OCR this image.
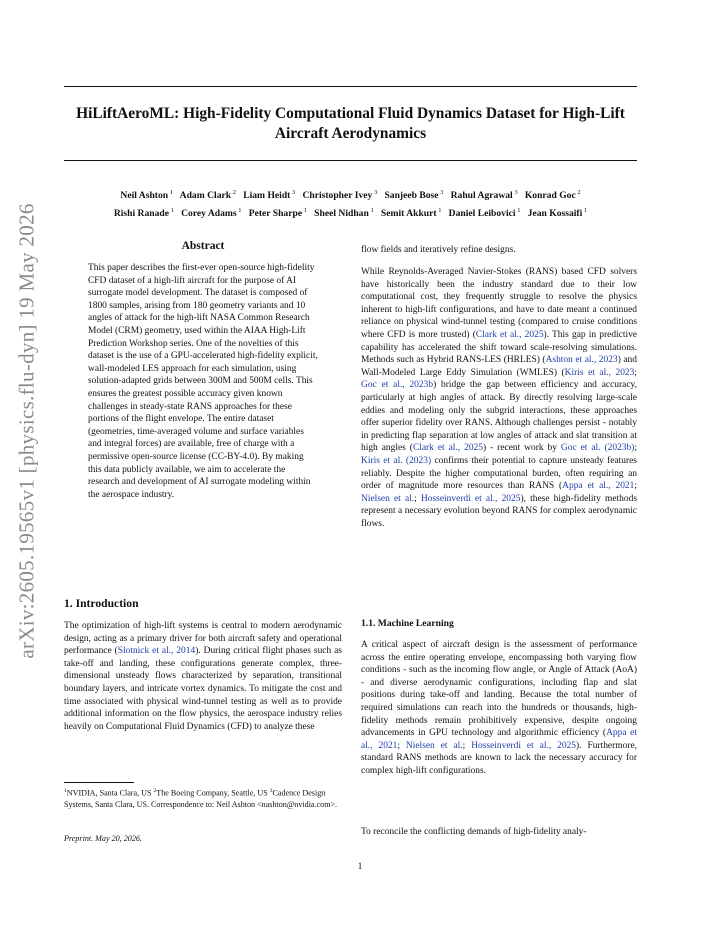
arXiv:2605.19565v1 [physics.flu-dyn] 19 May 2026
HiLiftAeroML: High-Fidelity Computational Fluid Dynamics Dataset for High-Lift Aircraft Aerodynamics
Neil Ashton $^1$  Adam Clark $^2$  Liam Heidt $^3$  Christopher Ivey $^3$  Sanjeeb Bose $^3$  Rahul Agrawal $^3$  Konrad Goc $^2$
Rishi Ranade $^1$  Corey Adams $^1$  Peter Sharpe $^1$  Sheel Nidhan $^1$  Semit Akkurt $^1$  Daniel Leibovici $^1$  Jean Kossaifi $^1$
Abstract
This paper describes the first-ever open-source high-fidelity CFD dataset of a high-lift aircraft for the purpose of AI surrogate model development. The dataset is composed of 1800 samples, arising from 180 geometry variants and 10 angles of attack for the high-lift NASA Common Research Model (CRM) geometry, used within the AIAA High-Lift Prediction Workshop series. One of the novelties of this dataset is the use of a GPU-accelerated high-fidelity explicit, wall-modeled LES approach for each simulation, using solution-adapted grids between 300M and 500M cells. This ensures the greatest possible accuracy given known challenges in steady-state RANS approaches for these portions of the flight envelope. The entire dataset (geometries, time-averaged volume and surface variables and integral forces) are available, free of charge with a permissive open-source license (CC-BY-4.0). By making this data publicly available, we aim to accelerate the research and development of AI surrogate modeling within the aerospace industry.
1. Introduction
The optimization of high-lift systems is central to modern aerodynamic design, acting as a primary driver for both aircraft safety and operational performance (Slotnick et al., 2014). During critical flight phases such as take-off and landing, these configurations generate complex, three-dimensional unsteady flows characterized by separation, transitional boundary layers, and intricate vortex dynamics. To mitigate the cost and time associated with physical wind-tunnel testing as well as to provide additional information on the flow physics, the aerospace industry relies heavily on Computational Fluid Dynamics (CFD) to analyze these
$^1$NVIDIA, Santa Clara, US $^2$The Boeing Company, Seattle, US $^3$Cadence Design Systems, Santa Clara, US. Correspondence to: Neil Ashton <nashton@nvidia.com>.
Preprint. May 20, 2026.
flow fields and iteratively refine designs.
While Reynolds-Averaged Navier-Stokes (RANS) based CFD solvers have historically been the industry standard due to their low computational cost, they frequently struggle to resolve the physics inherent to high-lift configurations, and have to date meant a continued reliance on physical wind-tunnel testing (compared to cruise conditions where CFD is more trusted) (Clark et al., 2025). This gap in predictive capability has accelerated the shift toward scale-resolving simulations. Methods such as Hybrid RANS-LES (HRLES) (Ashton et al., 2023) and Wall-Modeled Large Eddy Simulation (WMLES) (Kiris et al., 2023; Goc et al., 2023b) bridge the gap between efficiency and accuracy, particularly at high angles of attack. By directly resolving large-scale eddies and modeling only the subgrid interactions, these approaches offer superior fidelity over RANS. Although challenges persist - notably in predicting flap separation at low angles of attack and slat transition at high angles (Clark et al., 2025) - recent work by Goc et al. (2023b); Kiris et al. (2023) confirms their potential to capture unsteady features reliably. Despite the higher computational burden, often requiring an order of magnitude more resources than RANS (Appa et al., 2021; Nielsen et al.; Hosseinverdi et al., 2025), these high-fidelity methods represent a necessary evolution beyond RANS for complex aerodynamic flows.
1.1. Machine Learning
A critical aspect of aircraft design is the assessment of performance across the entire operating envelope, encompassing both varying flow conditions - such as the incoming flow angle, or Angle of Attack (AoA) - and diverse aerodynamic configurations, including flap and slat positions during take-off and landing. Because the total number of required simulations can reach into the hundreds or thousands, high-fidelity methods remain prohibitively expensive, despite ongoing advancements in GPU technology and algorithmic efficiency (Appa et al., 2021; Nielsen et al.; Hosseinverdi et al., 2025). Furthermore, standard RANS methods are known to lack the necessary accuracy for complex high-lift configurations.
To reconcile the conflicting demands of high-fidelity analy-
1
